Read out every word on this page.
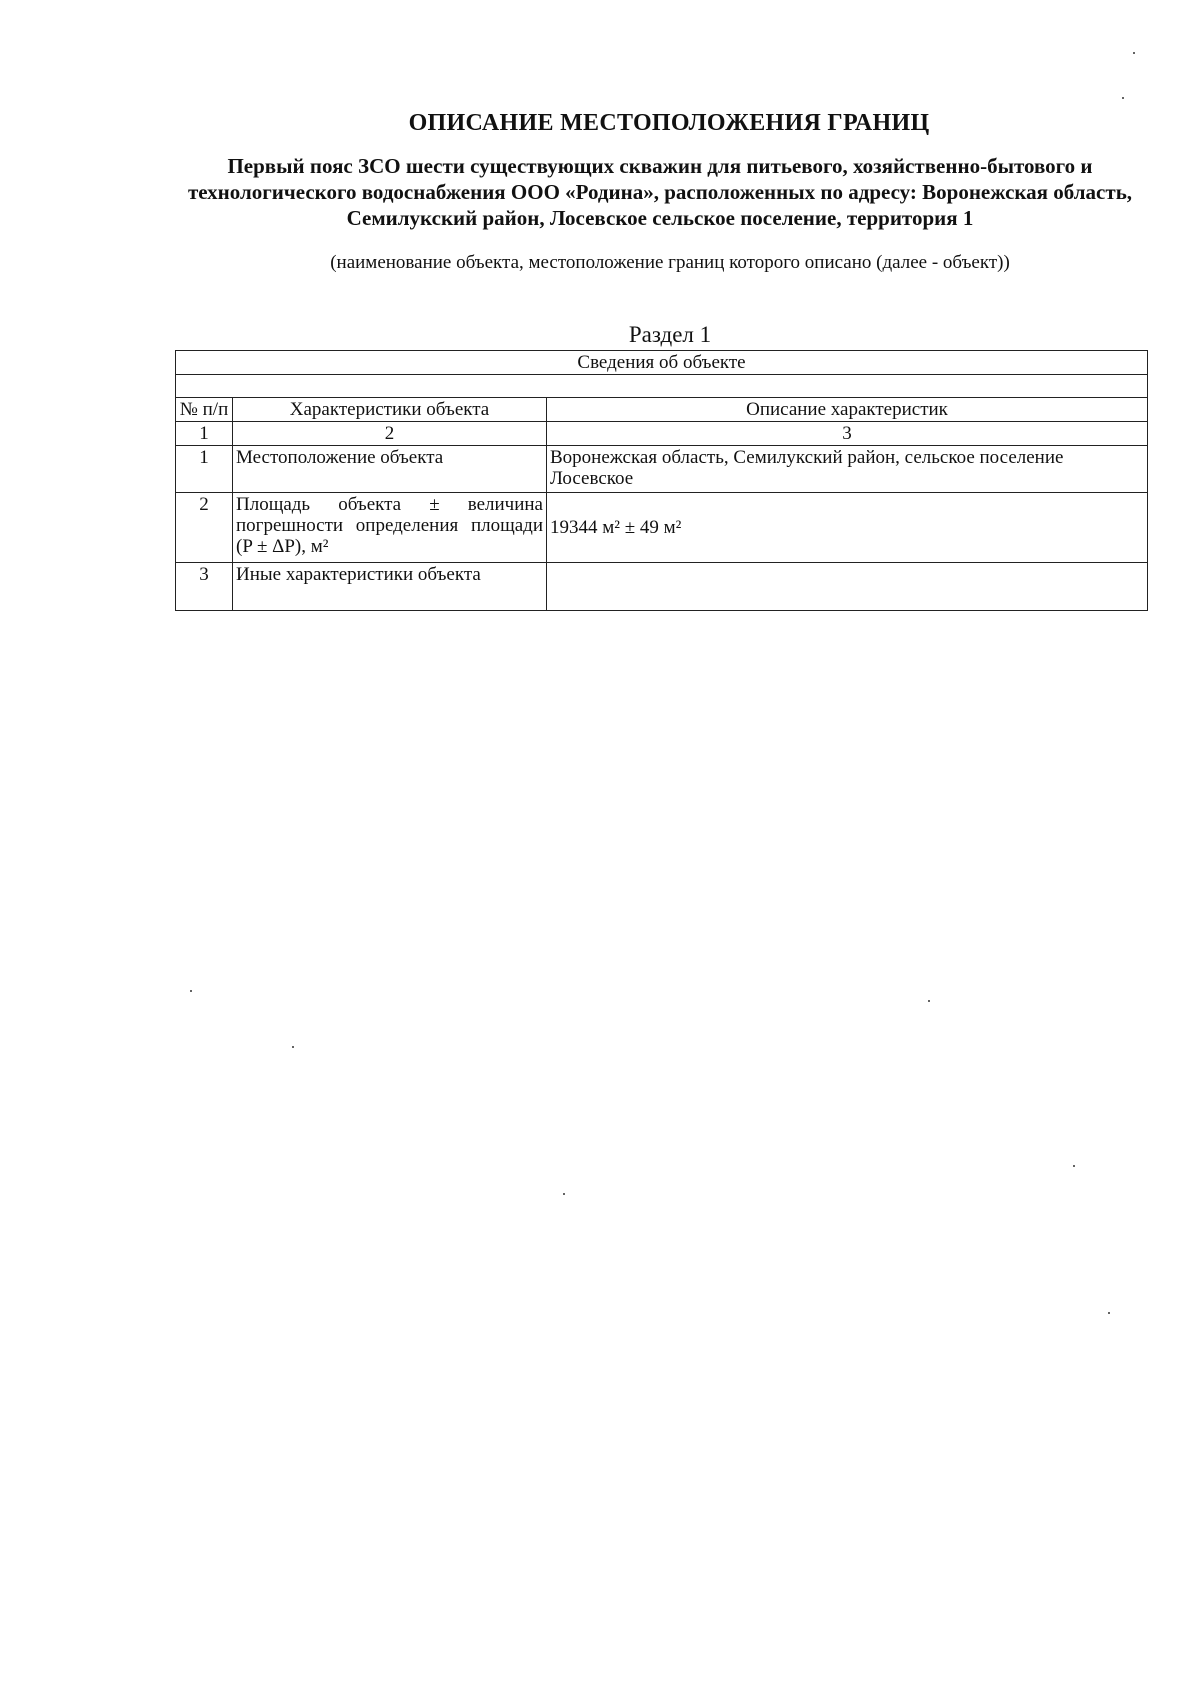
ОПИСАНИЕ МЕСТОПОЛОЖЕНИЯ ГРАНИЦ
Первый пояс ЗСО шести существующих скважин для питьевого, хозяйственно-бытового и технологического водоснабжения ООО «Родина», расположенных по адресу: Воронежская область, Семилукский район, Лосевское сельское поселение, территория 1
(наименование объекта, местоположение границ которого описано (далее - объект))
Раздел 1
Сведения об объекте		

№ п/п	Характеристики объекта	Описание характеристик
1	2	3
1	Местоположение объекта	Воронежская область, Семилукский район, сельское поселение Лосевское
2	Площадь объекта ± величина погрешности определения площади (P ± ΔP), м²	19344 м² ± 49 м²
3	Иные характеристики объекта	
